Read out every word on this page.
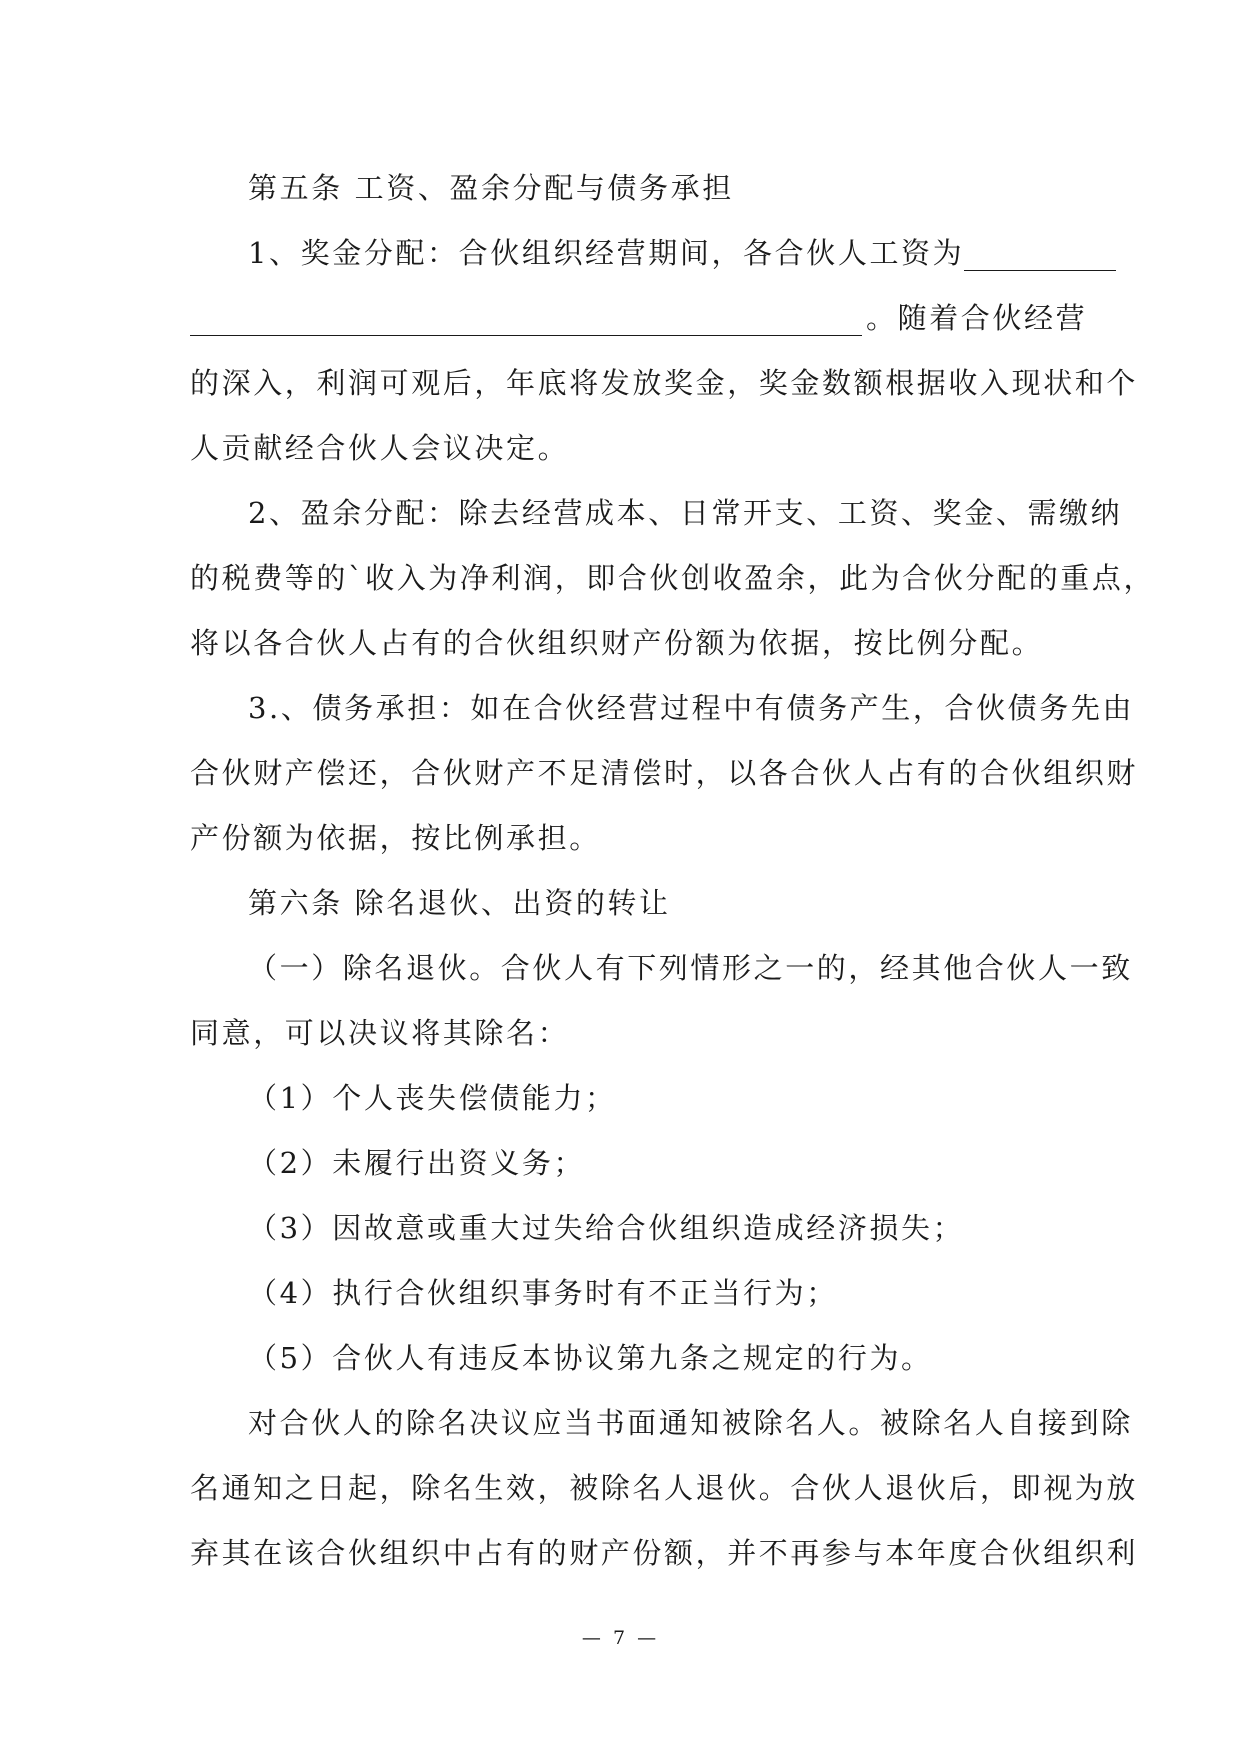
第五条 工资、盈余分配与债务承担
1、奖金分配：合伙组织经营期间，各合伙人工资为
。随着合伙经营
的深入，利润可观后，年底将发放奖金，奖金数额根据收入现状和个
人贡献经合伙人会议决定。
2、盈余分配：除去经营成本、日常开支、工资、奖金、需缴纳
的税费等的`收入为净利润，即合伙创收盈余，此为合伙分配的重点，
将以各合伙人占有的合伙组织财产份额为依据，按比例分配。
3.、债务承担：如在合伙经营过程中有债务产生，合伙债务先由
合伙财产偿还，合伙财产不足清偿时，以各合伙人占有的合伙组织财
产份额为依据，按比例承担。
第六条 除名退伙、出资的转让
（一）除名退伙。合伙人有下列情形之一的，经其他合伙人一致
同意，可以决议将其除名：
（1）个人丧失偿债能力；
（2）未履行出资义务；
（3）因故意或重大过失给合伙组织造成经济损失；
（4）执行合伙组织事务时有不正当行为；
（5）合伙人有违反本协议第九条之规定的行为。
对合伙人的除名决议应当书面通知被除名人。被除名人自接到除
名通知之日起，除名生效，被除名人退伙。合伙人退伙后，即视为放
弃其在该合伙组织中占有的财产份额，并不再参与本年度合伙组织利
— 7 —
